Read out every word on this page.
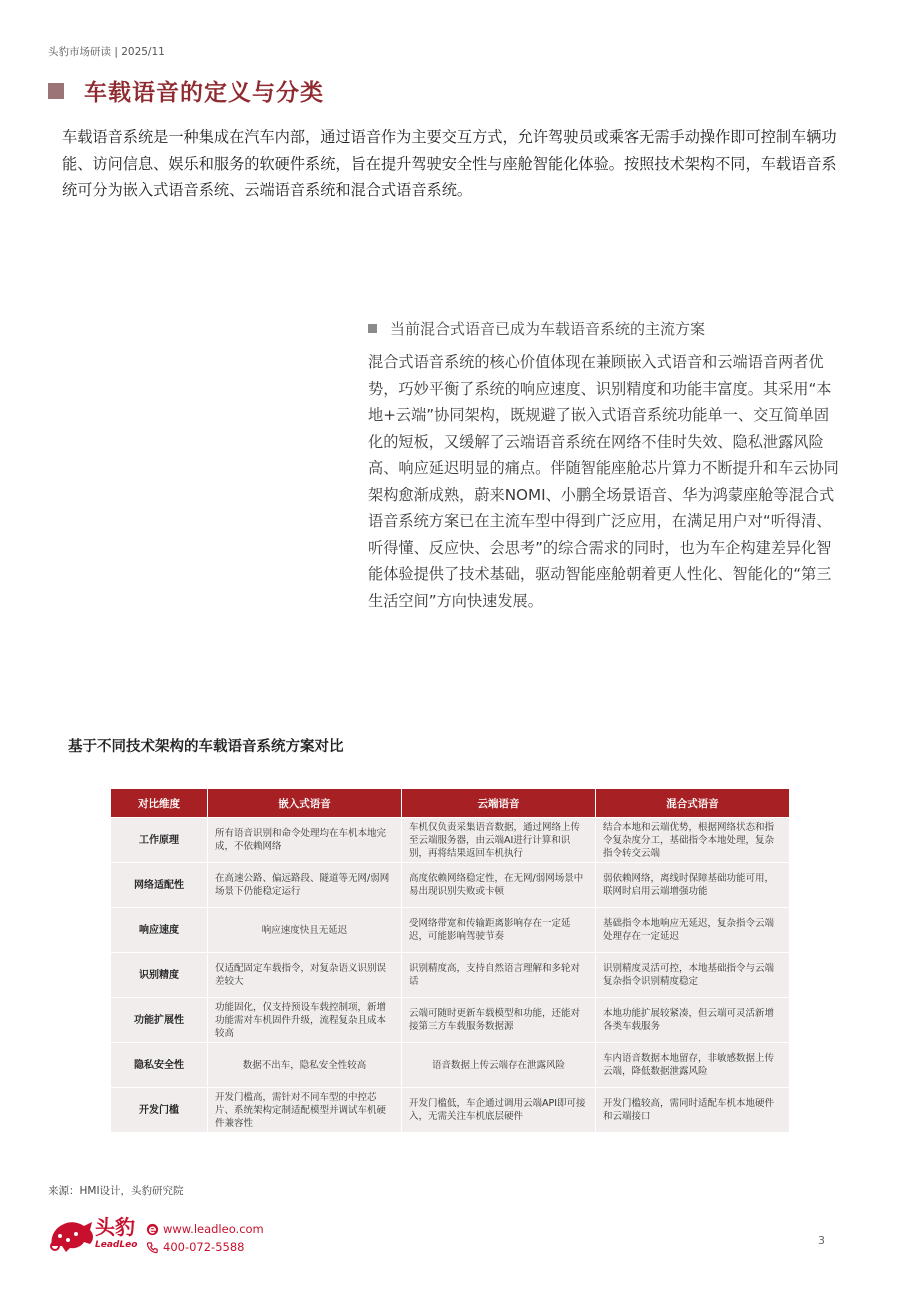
头豹市场研读 | 2025/11
车载语音的定义与分类

车载语音系统是一种集成在汽车内部，通过语音作为主要交互方式，允许驾驶员或乘客无需手动操作即可控制车辆功能、访问信息、娱乐和服务的软硬件系统，旨在提升驾驶安全性与座舱智能化体验。按照技术架构不同，车载语音系统可分为嵌入式语音系统、云端语音系统和混合式语音系统。

当前混合式语音已成为车载语音系统的主流方案

混合式语音系统的核心价值体现在兼顾嵌入式语音和云端语音两者优势，巧妙平衡了系统的响应速度、识别精度和功能丰富度。其采用“本地+云端”协同架构，既规避了嵌入式语音系统功能单一、交互简单固化的短板，又缓解了云端语音系统在网络不佳时失效、隐私泄露风险高、响应延迟明显的痛点。伴随智能座舱芯片算力不断提升和车云协同架构愈渐成熟，蔚来NOMI、小鹏全场景语音、华为鸿蒙座舱等混合式语音系统方案已在主流车型中得到广泛应用，在满足用户对“听得清、听得懂、反应快、会思考”的综合需求的同时，也为车企构建差异化智能体验提供了技术基础，驱动智能座舱朝着更人性化、智能化的“第三生活空间”方向快速发展。

基于不同技术架构的车载语音系统方案对比
对比维度	嵌入式语音	云端语音	混合式语音
工作原理	所有语音识别和命令处理均在车机本地完成，不依赖网络	车机仅负责采集语音数据，通过网络上传至云端服务器，由云端AI进行计算和识别，再将结果返回车机执行	结合本地和云端优势，根据网络状态和指令复杂度分工，基础指令本地处理，复杂指令转交云端
网络适配性	在高速公路、偏远路段、隧道等无网/弱网场景下仍能稳定运行	高度依赖网络稳定性，在无网/弱网场景中易出现识别失败或卡顿	弱依赖网络，离线时保障基础功能可用，联网时启用云端增强功能
响应速度	响应速度快且无延迟	受网络带宽和传输距离影响存在一定延迟，可能影响驾驶节奏	基础指令本地响应无延迟，复杂指令云端处理存在一定延迟
识别精度	仅适配固定车载指令，对复杂语义识别误差较大	识别精度高，支持自然语言理解和多轮对话	识别精度灵活可控，本地基础指令与云端复杂指令识别精度稳定
功能扩展性	功能固化，仅支持预设车载控制项，新增功能需对车机固件升级，流程复杂且成本较高	云端可随时更新车载模型和功能，还能对接第三方车载服务数据源	本地功能扩展较紧凑，但云端可灵活新增各类车载服务
隐私安全性	数据不出车，隐私安全性较高	语音数据上传云端存在泄露风险	车内语音数据本地留存，非敏感数据上传云端，降低数据泄露风险
开发门槛	开发门槛高，需针对不同车型的中控芯片、系统架构定制适配模型并调试车机硬件兼容性	开发门槛低，车企通过调用云端API即可接入，无需关注车机底层硬件	开发门槛较高，需同时适配车机本地硬件和云端接口
来源：HMI设计，头豹研究院
头豹
LeadLeo
www.leadleo.com
400-072-5588	3
